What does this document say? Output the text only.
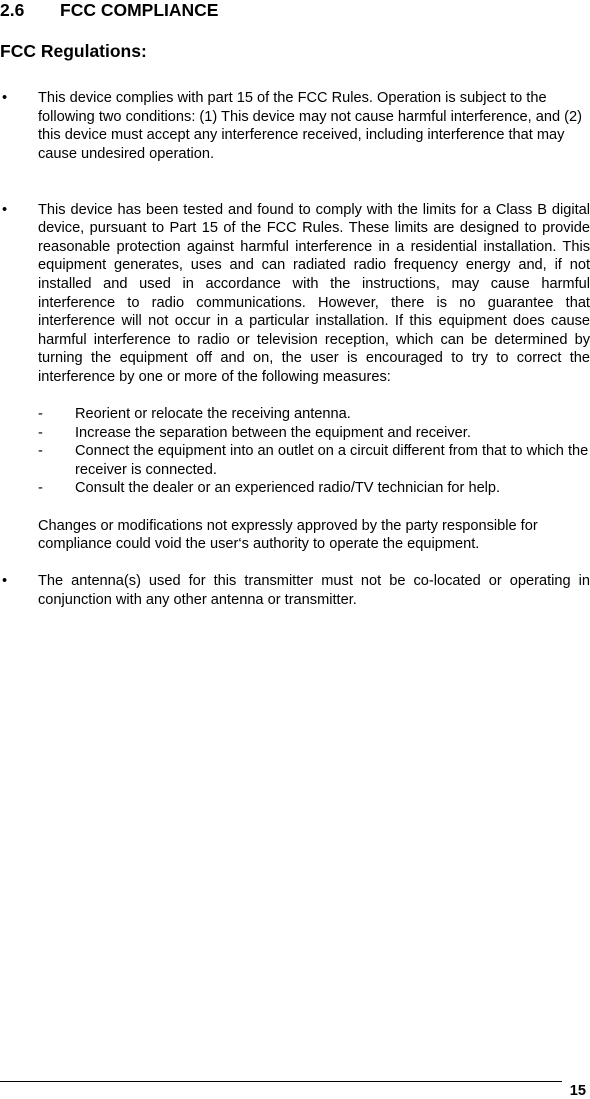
2.6 FCC COMPLIANCE
FCC Regulations:
• This device complies with part 15 of the FCC Rules. Operation is subject to the following two conditions: (1) This device may not cause harmful interference, and (2) this device must accept any interference received, including interference that may cause undesired operation.
• This device has been tested and found to comply with the limits for a Class B digital device, pursuant to Part 15 of the FCC Rules. These limits are designed to provide reasonable protection against harmful interference in a residential installation. This equipment generates, uses and can radiated radio frequency energy and, if not installed and used in accordance with the instructions, may cause harmful interference to radio communications. However, there is no guarantee that interference will not occur in a particular installation. If this equipment does cause harmful interference to radio or television reception, which can be determined by turning the equipment off and on, the user is encouraged to try to correct the interference by one or more of the following measures:
- Reorient or relocate the receiving antenna.
- Increase the separation between the equipment and receiver.
- Connect the equipment into an outlet on a circuit different from that to which the receiver is connected.
- Consult the dealer or an experienced radio/TV technician for help.
Changes or modifications not expressly approved by the party responsible for compliance could void the user‘s authority to operate the equipment.
• The antenna(s) used for this transmitter must not be co-located or operating in conjunction with any other antenna or transmitter.
15
